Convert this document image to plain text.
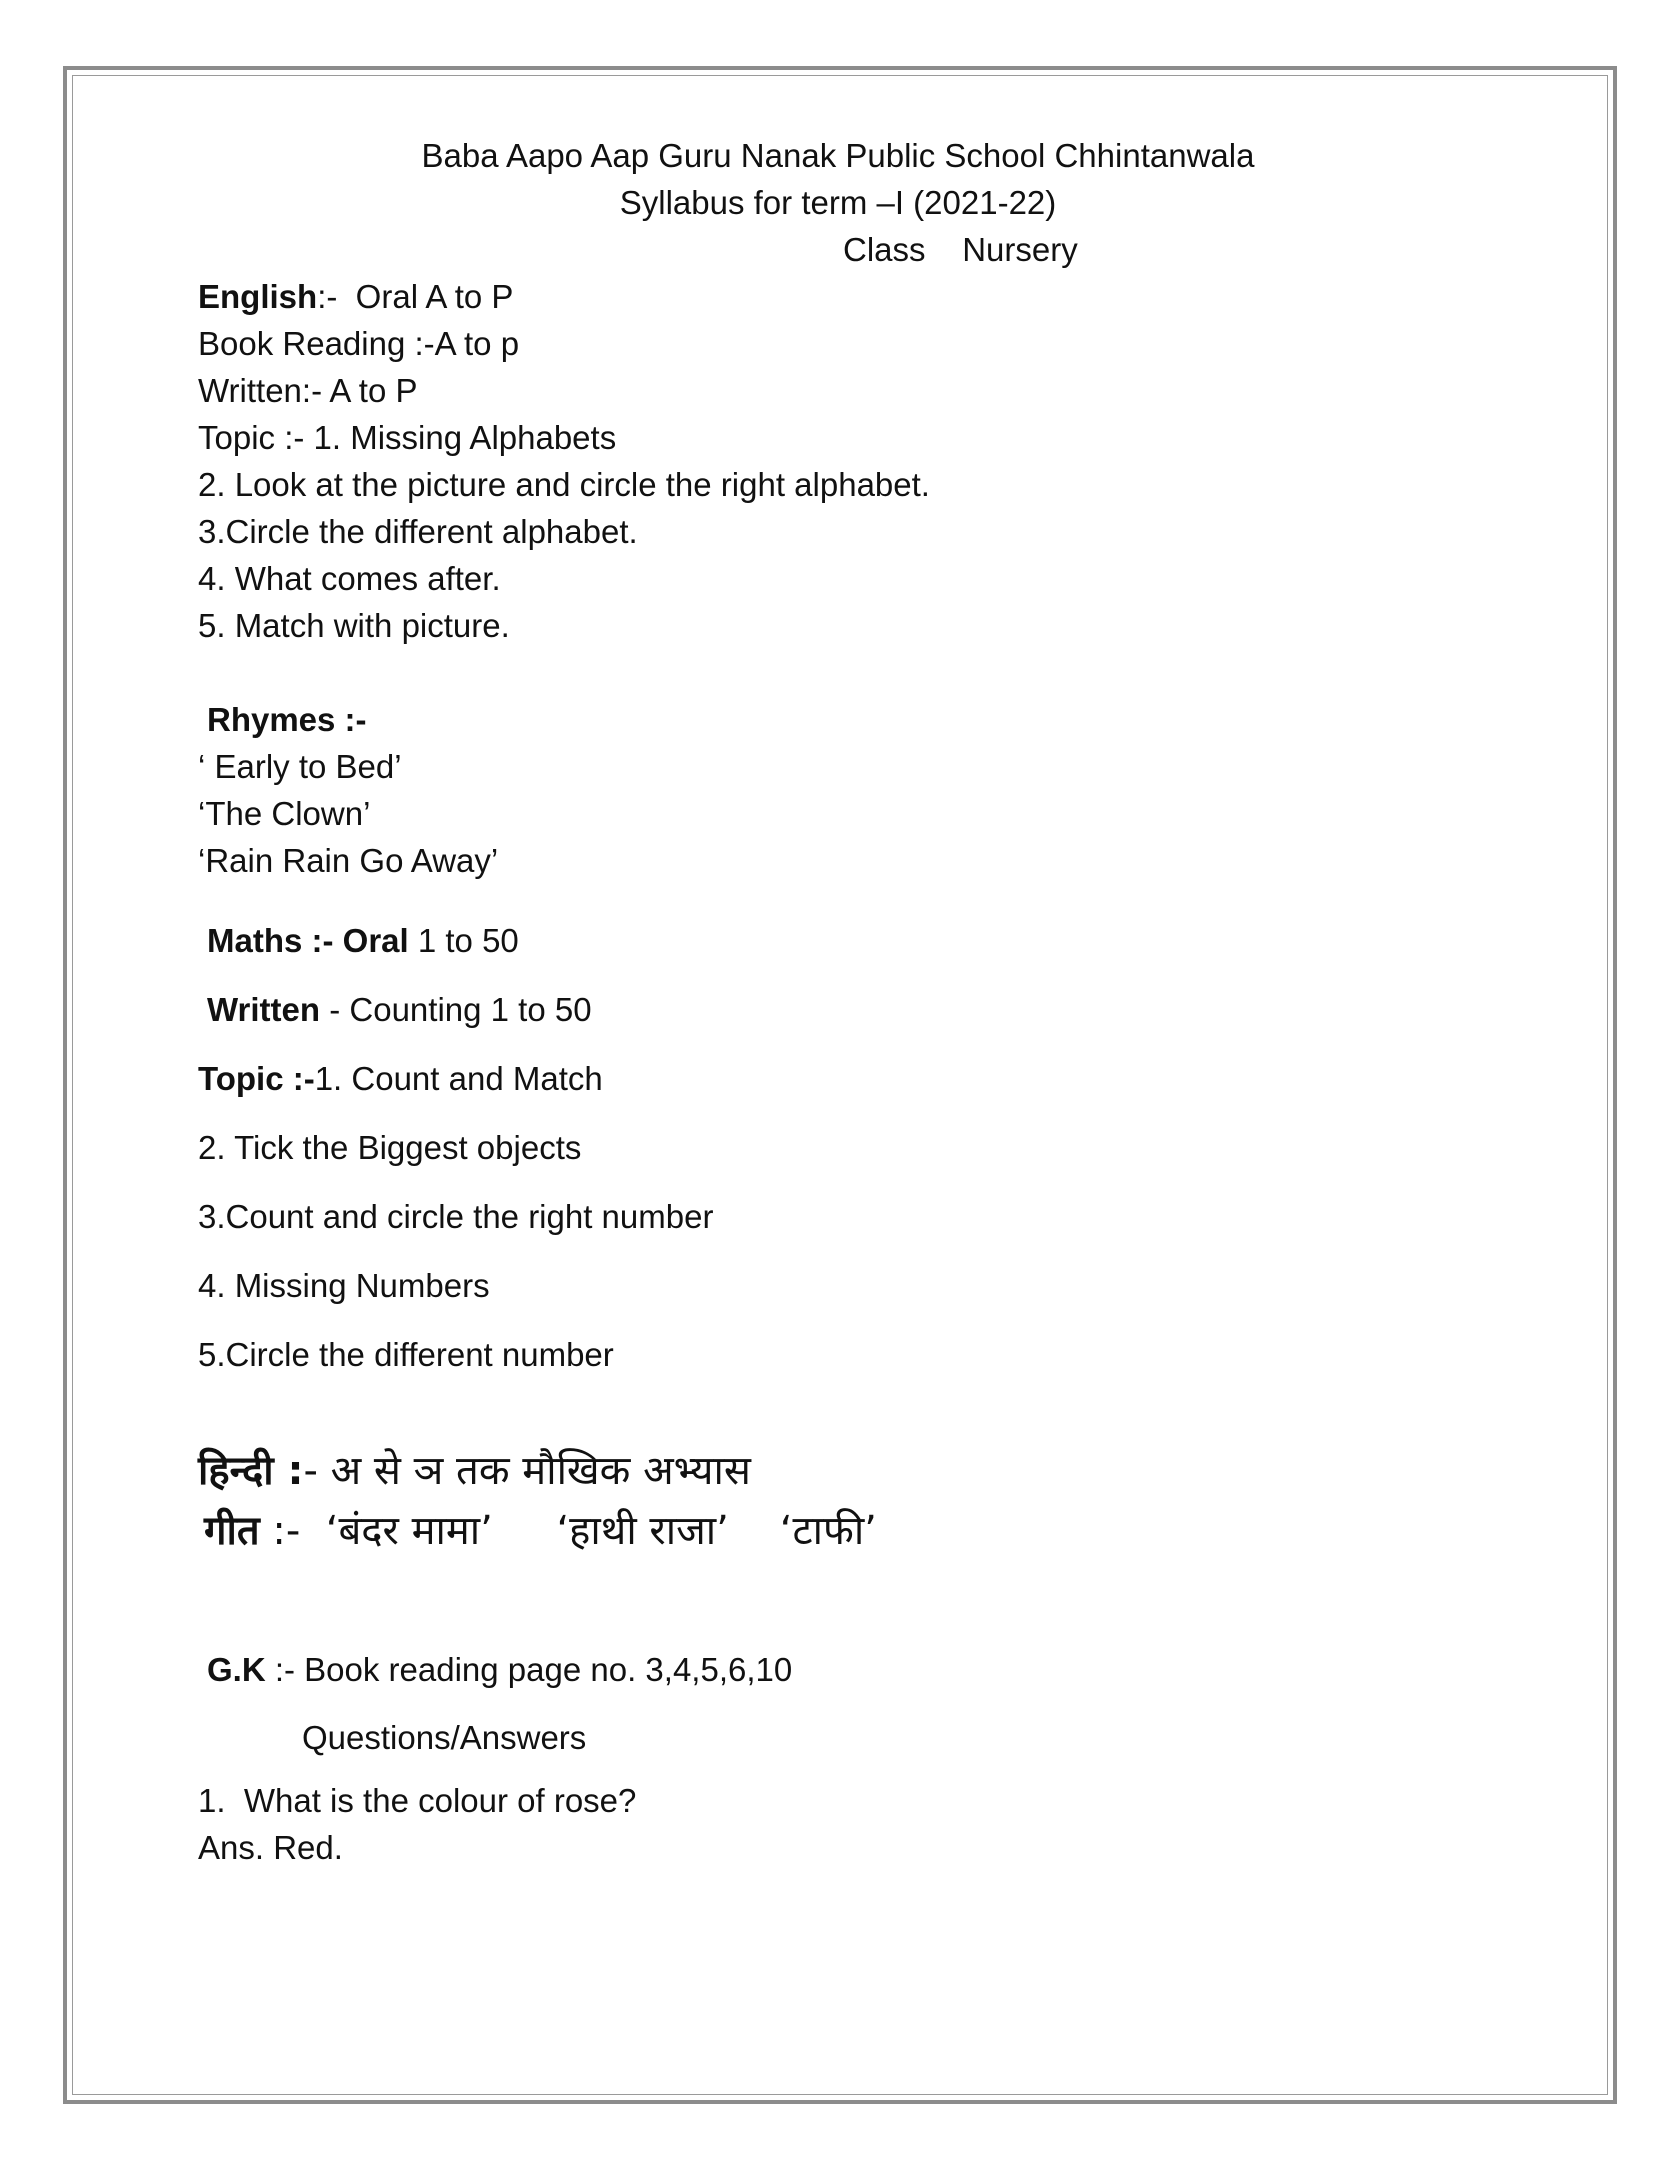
Baba Aapo Aap Guru Nanak Public School Chhintanwala
Syllabus for term –I (2021-22)
Class Nursery
English:-  Oral A to P
Book Reading :-A to p
Written:- A to P
Topic :- 1. Missing Alphabets
2. Look at the picture and circle the right alphabet.
3.Circle the different alphabet.
4. What comes after.
5. Match with picture.
Rhymes :-
‘ Early to Bed’
‘The Clown’
‘Rain Rain Go Away’
Maths :- Oral 1 to 50
Written - Counting 1 to 50
Topic :-1. Count and Match
2. Tick the Biggest objects
3.Count and circle the right number
4. Missing Numbers
5.Circle the different number
हिन्दी :- अ से ञ तक मौखिक अभ्यास
गीत :-  ‘बंदर मामा’     ‘हाथी राजा’    ‘टाफी’
G.K :- Book reading page no. 3,4,5,6,10
Questions/Answers
1.  What is the colour of rose?
Ans. Red.
